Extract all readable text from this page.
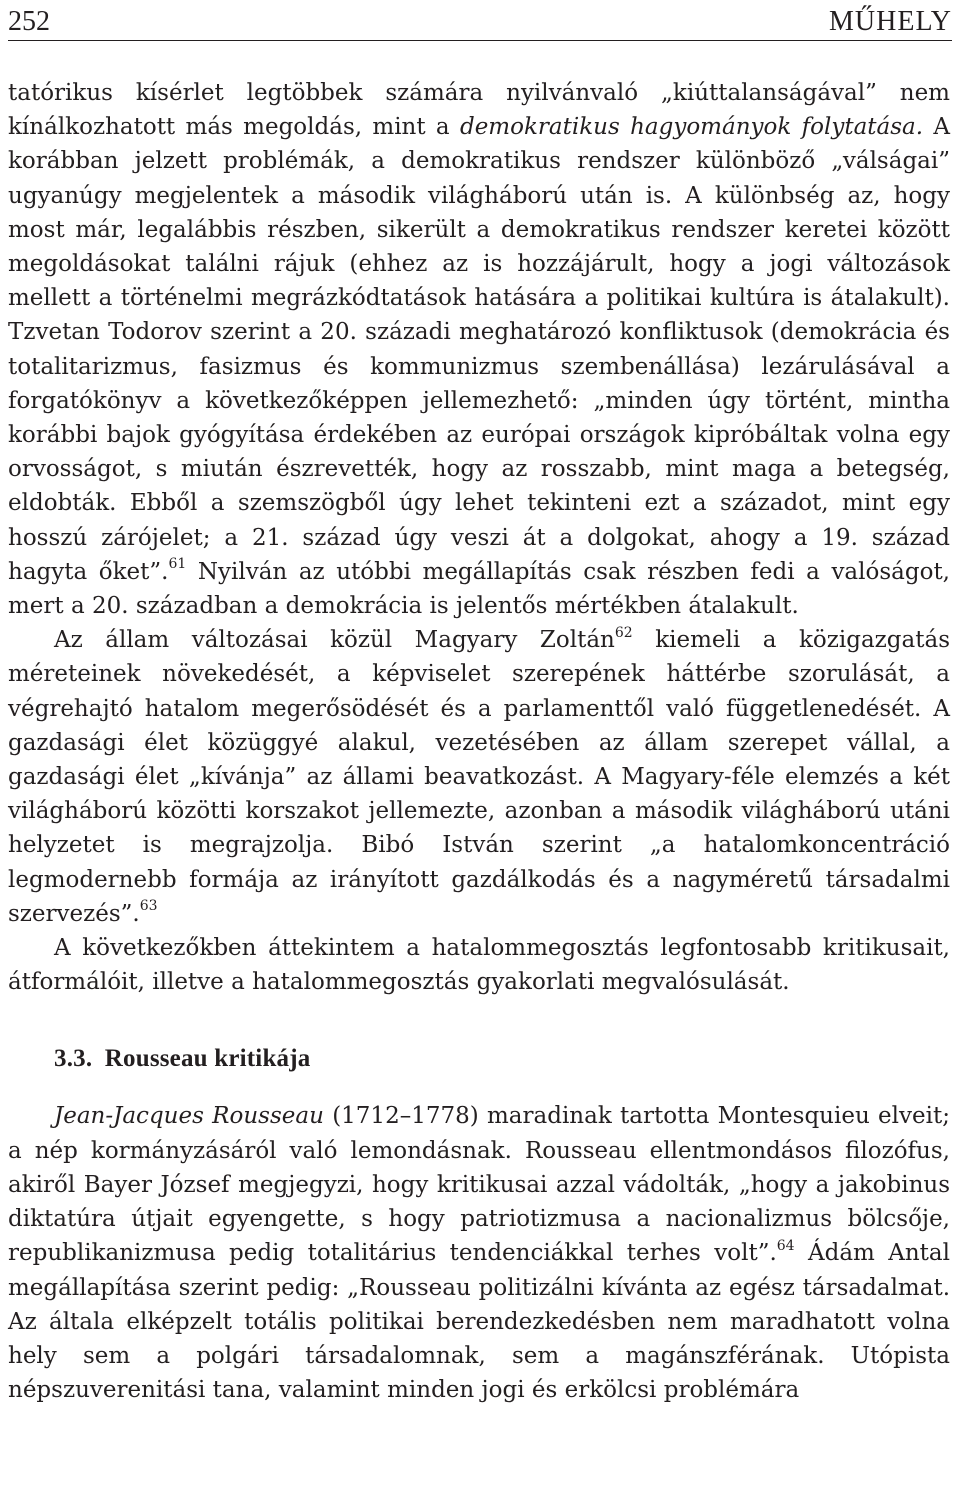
252	MŰHELY

tatórikus kísérlet legtöbbek számára nyilvánvaló „kiúttalanságával” nem kínálkozhatott más megoldás, mint a demokratikus hagyományok folytatása. A korábban jelzett problémák, a demokratikus rendszer különböző „válságai” ugyanúgy megjelentek a második világháború után is. A különbség az, hogy most már, legalábbis részben, sikerült a demokratikus rendszer keretei között megoldásokat találni rájuk (ehhez az is hozzájárult, hogy a jogi változások mellett a történelmi megrázkódtatások hatására a politikai kultúra is átalakult). Tzvetan Todorov szerint a 20. századi meghatározó konfliktusok (demokrácia és totalitarizmus, fasizmus és kommunizmus szembenállása) lezárulásával a forgatókönyv a következőképpen jellemezhető: „minden úgy történt, mintha korábbi bajok gyógyítása érdekében az európai országok kipróbáltak volna egy orvosságot, s miután észrevették, hogy az rosszabb, mint maga a betegség, eldobták. Ebből a szemszögből úgy lehet tekinteni ezt a századot, mint egy hosszú zárójelet; a 21. század úgy veszi át a dolgokat, ahogy a 19. század hagyta őket”.$^{61}$ Nyilván az utóbbi megállapítás csak részben fedi a valóságot, mert a 20. században a demokrácia is jelentős mértékben átalakult.

Az állam változásai közül Magyary Zoltán$^{62}$ kiemeli a közigazgatás méreteinek növekedését, a képviselet szerepének háttérbe szorulását, a végrehajtó hatalom megerősödését és a parlamenttől való függetlenedését. A gazdasági élet közüggyé alakul, vezetésében az állam szerepet vállal, a gazdasági élet „kívánja” az állami beavatkozást. A Magyary-féle elemzés a két világháború közötti korszakot jellemezte, azonban a második világháború utáni helyzetet is megrajzolja. Bibó István szerint „a hatalomkoncentráció legmodernebb formája az irányított gazdálkodás és a nagyméretű társadalmi szervezés”.$^{63}$

A következőkben áttekintem a hatalommegosztás legfontosabb kritikusait, átformálóit, illetve a hatalommegosztás gyakorlati megvalósulását.

3.3. Rousseau kritikája

Jean-Jacques Rousseau (1712–1778) maradinak tartotta Montesquieu elveit; a nép kormányzásáról való lemondásnak. Rousseau ellentmondásos filozófus, akiről Bayer József megjegyzi, hogy kritikusai azzal vádolták, „hogy a jakobinus diktatúra útjait egyengette, s hogy patriotizmusa a nacionalizmus bölcsője, republikanizmusa pedig totalitárius tendenciákkal terhes volt”.$^{64}$ Ádám Antal megállapítása szerint pedig: „Rousseau politizálni kívánta az egész társadalmat. Az általa elképzelt totális politikai berendezkedésben nem maradhatott volna hely sem a polgári társadalomnak, sem a magánszférának. Utópista népszuverenitási tana, valamint minden jogi és erkölcsi problémára
